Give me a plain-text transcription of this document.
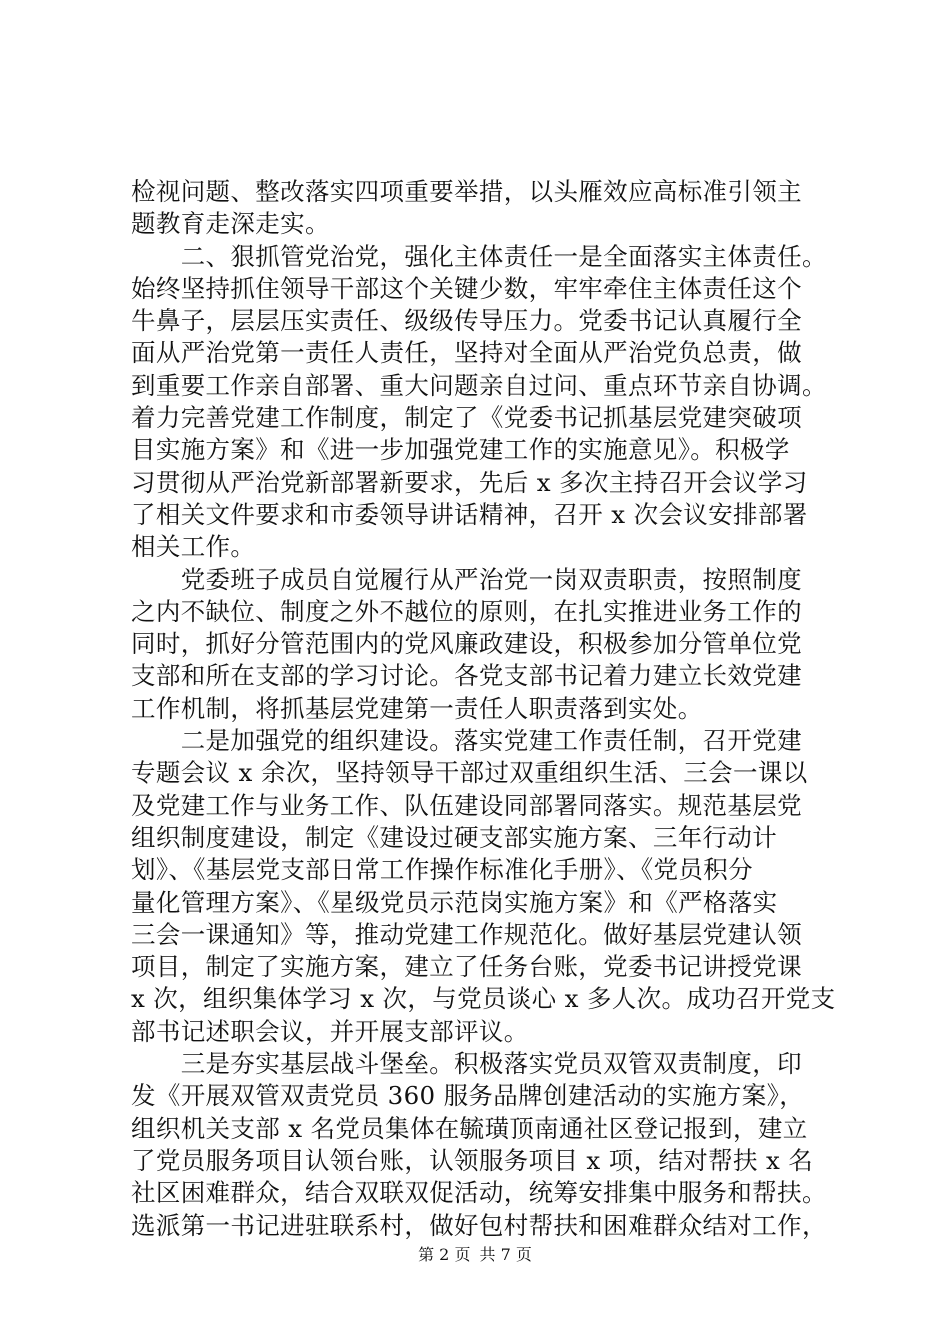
检视问题、整改落实四项重要举措，以头雁效应高标准引领主
题教育走深走实。
　　二、狠抓管党治党，强化主体责任一是全面落实主体责任。
始终坚持抓住领导干部这个关键少数，牢牢牵住主体责任这个
牛鼻子，层层压实责任、级级传导压力。党委书记认真履行全
面从严治党第一责任人责任，坚持对全面从严治党负总责，做
到重要工作亲自部署、重大问题亲自过问、重点环节亲自协调。
着力完善党建工作制度，制定了《党委书记抓基层党建突破项
目实施方案》和《进一步加强党建工作的实施意见》。积极学
习贯彻从严治党新部署新要求，先后 x 多次主持召开会议学习
了相关文件要求和市委领导讲话精神，召开 x 次会议安排部署
相关工作。
　　党委班子成员自觉履行从严治党一岗双责职责，按照制度
之内不缺位、制度之外不越位的原则，在扎实推进业务工作的
同时，抓好分管范围内的党风廉政建设，积极参加分管单位党
支部和所在支部的学习讨论。各党支部书记着力建立长效党建
工作机制，将抓基层党建第一责任人职责落到实处。
　　二是加强党的组织建设。落实党建工作责任制，召开党建
专题会议 x 余次，坚持领导干部过双重组织生活、三会一课以
及党建工作与业务工作、队伍建设同部署同落实。规范基层党
组织制度建设，制定《建设过硬支部实施方案、三年行动计
划》、《基层党支部日常工作操作标准化手册》、《党员积分
量化管理方案》、《星级党员示范岗实施方案》和《严格落实
三会一课通知》等，推动党建工作规范化。做好基层党建认领
项目，制定了实施方案，建立了任务台账，党委书记讲授党课
x 次，组织集体学习 x 次，与党员谈心 x 多人次。成功召开党支
部书记述职会议，并开展支部评议。
　　三是夯实基层战斗堡垒。积极落实党员双管双责制度，印
发《开展双管双责党员 360 服务品牌创建活动的实施方案》，
组织机关支部 x 名党员集体在毓璜顶南通社区登记报到，建立
了党员服务项目认领台账，认领服务项目 x 项，结对帮扶 x 名
社区困难群众，结合双联双促活动，统筹安排集中服务和帮扶。
选派第一书记进驻联系村，做好包村帮扶和困难群众结对工作，
第 2 页 共 7 页
